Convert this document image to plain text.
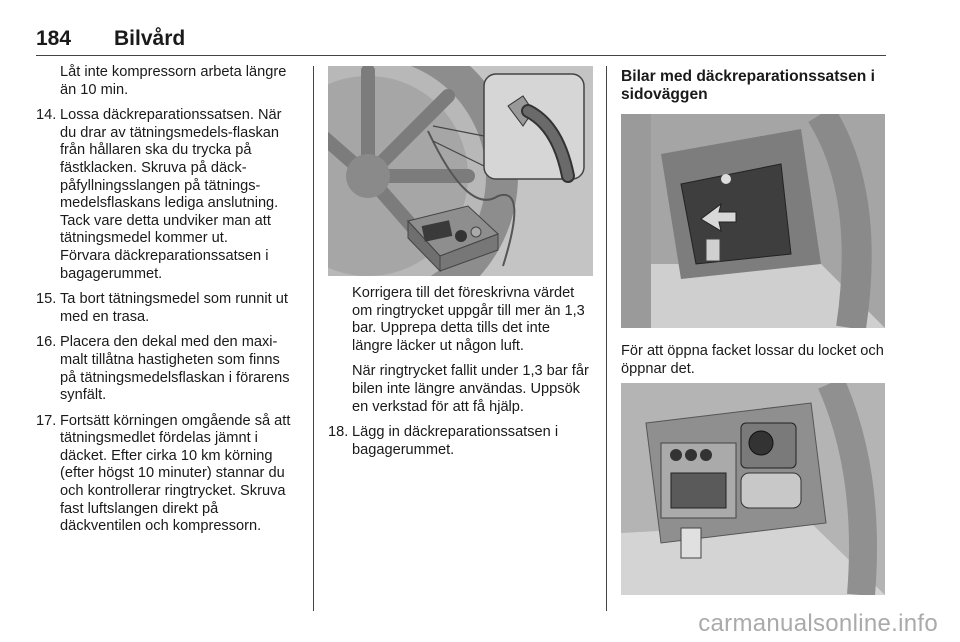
184 Bilvård

Låt inte kompressorn arbeta längre än 10 min.

14. Lossa däckreparationssatsen. När du drar av tätningsmedels-flaskan från hållaren ska du trycka på fästklacken. Skruva på däck-påfyllningsslangen på tätnings-medelsflaskans lediga anslutning. Tack vare detta undviker man att tätningsmedel kommer ut.

Förvara däckreparationssatsen i bagagerummet.

15. Ta bort tätningsmedel som runnit ut med en trasa.

16. Placera den dekal med den maxi-malt tillåtna hastigheten som finns på tätningsmedelsflaskan i förarens synfält.

17. Fortsätt körningen omgående så att tätningsmedlet fördelas jämnt i däcket. Efter cirka 10 km körning (efter högst 10 minuter) stannar du och kontrollerar ringtrycket. Skruva fast luftslangen direkt på däckventilen och kompressorn.

Korrigera till det föreskrivna värdet om ringtrycket uppgår till mer än 1,3 bar. Upprepa detta tills det inte längre läcker ut någon luft.

När ringtrycket fallit under 1,3 bar får bilen inte längre användas. Uppsök en verkstad för att få hjälp.

18. Lägg in däckreparationssatsen i bagagerummet.

Bilar med däckreparationssatsen i sidoväggen

För att öppna facket lossar du locket och öppnar det.

carmanualsonline.info
